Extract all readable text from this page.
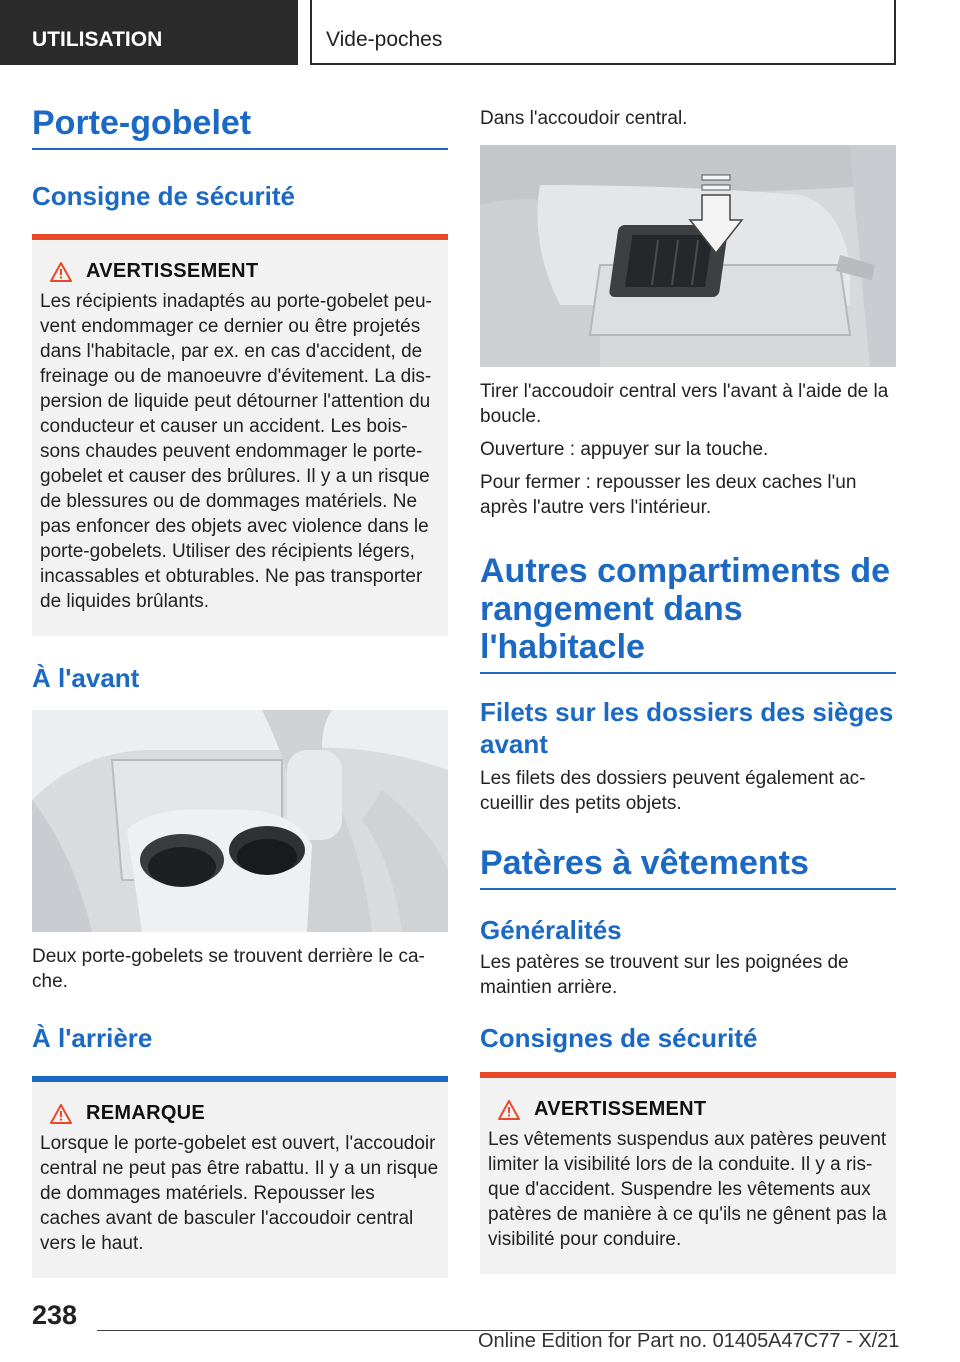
UTILISATION	Vide-poches
Porte-gobelet
Consigne de sécurité
AVERTISSEMENT

Les récipients inadaptés au porte-gobelet peu-vent endommager ce dernier ou être projetés dans l'habitacle, par ex. en cas d'accident, de freinage ou de manoeuvre d'évitement. La dis-persion de liquide peut détourner l'attention du conducteur et causer un accident. Les bois-sons chaudes peuvent endommager le porte-gobelet et causer des brûlures. Il y a un risque de blessures ou de dommages matériels. Ne pas enfoncer des objets avec violence dans le porte-gobelets. Utiliser des récipients légers, incassables et obturables. Ne pas transporter de liquides brûlants.

À l'avant

Deux porte-gobelets se trouvent derrière le ca-che.

À l'arrière
REMARQUE

Lorsque le porte-gobelet est ouvert, l'accoudoir central ne peut pas être rabattu. Il y a un risque de dommages matériels. Repousser les caches avant de basculer l'accoudoir central vers le haut.

Dans l'accoudoir central.

Tirer l'accoudoir central vers l'avant à l'aide de la boucle.

Ouverture : appuyer sur la touche.

Pour fermer : repousser les deux caches l'un après l'autre vers l'intérieur.

Autres compartiments de rangement dans l'habitacle
Filets sur les dossiers des sièges avant

Les filets des dossiers peuvent également ac-cueillir des petits objets.

Patères à vêtements
Généralités

Les patères se trouvent sur les poignées de maintien arrière.

Consignes de sécurité
AVERTISSEMENT

Les vêtements suspendus aux patères peuvent limiter la visibilité lors de la conduite. Il y a ris-que d'accident. Suspendre les vêtements aux patères de manière à ce qu'ils ne gênent pas la visibilité pour conduire.

238
Online Edition for Part no. 01405A47C77 - X/21
